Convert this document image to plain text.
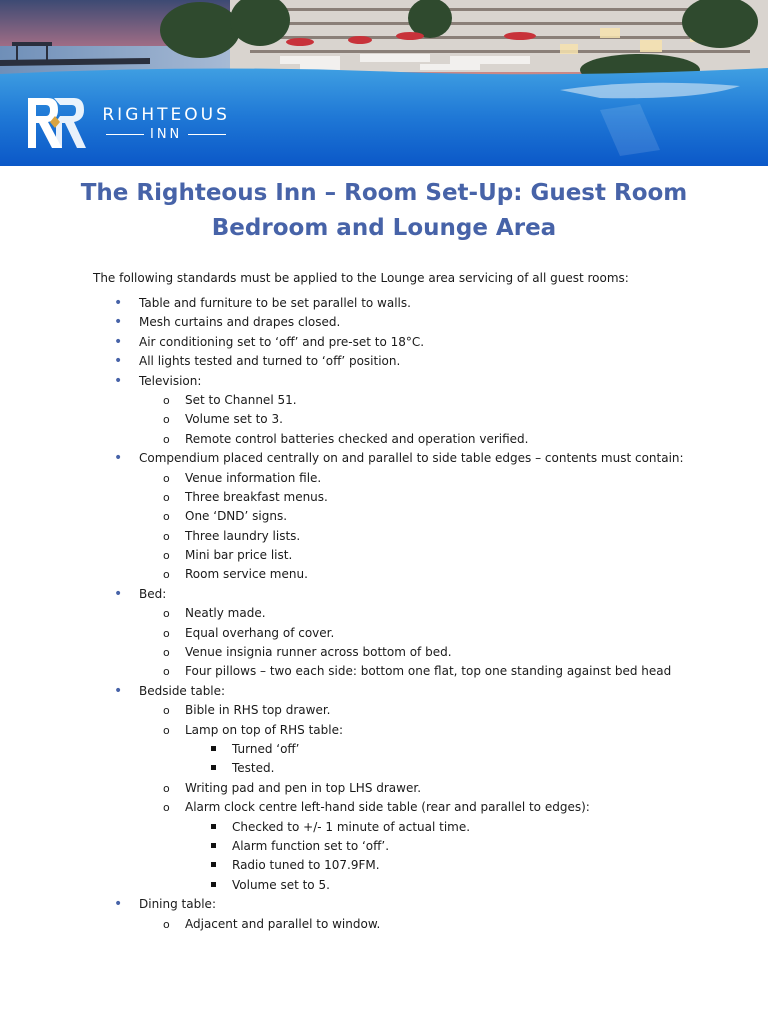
RIGHTEOUS
INN
The Righteous Inn – Room Set-Up: Guest Room Bedroom and Lounge Area

The following standards must be applied to the Lounge area servicing of all guest rooms:

• Table and furniture to be set parallel to walls.
• Mesh curtains and drapes closed.
• Air conditioning set to ‘off’ and pre-set to 18°C.
• All lights tested and turned to ‘off’ position.
• Television:
o Set to Channel 51.
o Volume set to 3.
o Remote control batteries checked and operation verified.
• Compendium placed centrally on and parallel to side table edges – contents must contain:
o Venue information file.
o Three breakfast menus.
o One ‘DND’ signs.
o Three laundry lists.
o Mini bar price list.
o Room service menu.
• Bed:
o Neatly made.
o Equal overhang of cover.
o Venue insignia runner across bottom of bed.
o Four pillows – two each side: bottom one flat, top one standing against bed head
• Bedside table:
o Bible in RHS top drawer.
o Lamp on top of RHS table:
Turned ‘off’
Tested.
o Writing pad and pen in top LHS drawer.
o Alarm clock centre left-hand side table (rear and parallel to edges):
Checked to +/- 1 minute of actual time.
Alarm function set to ‘off’.
Radio tuned to 107.9FM.
Volume set to 5.
• Dining table:
o Adjacent and parallel to window.
